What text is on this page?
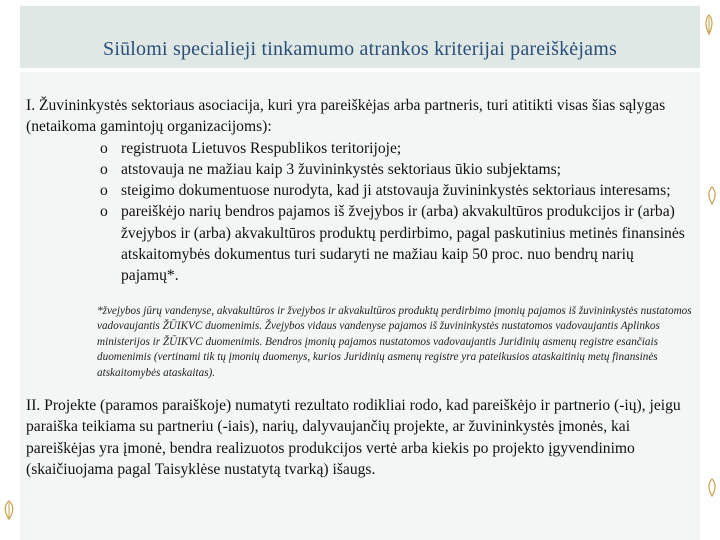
Siūlomi specialieji tinkamumo atrankos kriterijai pareiškėjams

I. Žuvininkystės sektoriaus asociacija, kuri yra pareiškėjas arba partneris, turi atitikti visas šias sąlygas (netaikoma gamintojų organizacijoms):

o registruota Lietuvos Respublikos teritorijoje;
o atstovauja ne mažiau kaip 3 žuvininkystės sektoriaus ūkio subjektams;
o steigimo dokumentuose nurodyta, kad ji atstovauja žuvininkystės sektoriaus interesams;
o pareiškėjo narių bendros pajamos iš žvejybos ir (arba) akvakultūros produkcijos ir (arba) žvejybos ir (arba) akvakultūros produktų perdirbimo, pagal paskutinius metinės finansinės atskaitomybės dokumentus turi sudaryti ne mažiau kaip 50 proc. nuo bendrų narių pajamų*.

*žvejybos jūrų vandenyse, akvakultūros ir žvejybos ir akvakultūros produktų perdirbimo įmonių pajamos iš žuvininkystės nustatomos vadovaujantis ŽŪIKVC duomenimis. Žvejybos vidaus vandenyse pajamos iš žuvininkystės nustatomos vadovaujantis Aplinkos ministerijos ir ŽŪIKVC duomenimis. Bendros įmonių pajamos nustatomos vadovaujantis Juridinių asmenų registre esančiais duomenimis (vertinami tik tų įmonių duomenys, kurios Juridinių asmenų registre yra pateikusios ataskaitinių metų finansinės atskaitomybės ataskaitas).

II. Projekte (paramos paraiškoje) numatyti rezultato rodikliai rodo, kad pareiškėjo ir partnerio (-ių), jeigu paraiška teikiama su partneriu (-iais), narių, dalyvaujančių projekte, ar žuvininkystės įmonės, kai pareiškėjas yra įmonė, bendra realizuotos produkcijos vertė arba kiekis po projekto įgyvendinimo (skaičiuojama pagal Taisyklėse nustatytą tvarką) išaugs.
